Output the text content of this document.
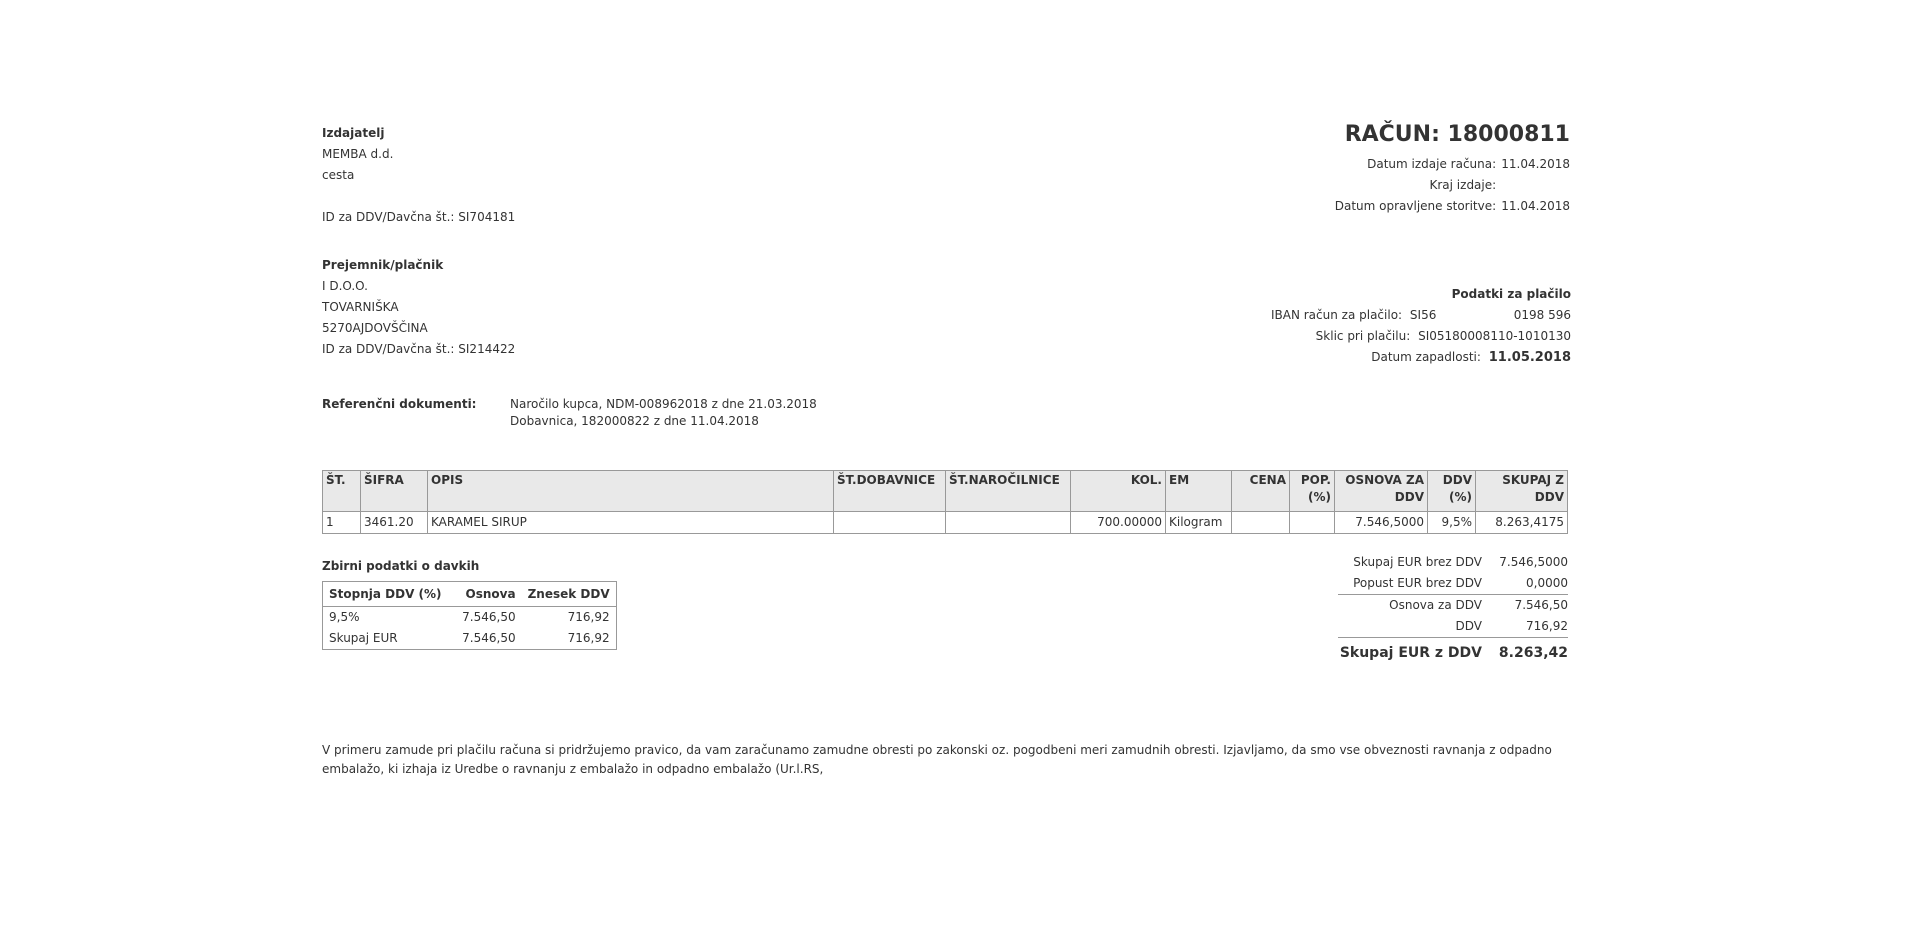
Izdajatelj
MEMBA d.d.
cesta
ID za DDV/Davčna št.: SI704181
Prejemnik/plačnik
I D.O.O.
TOVARNIŠKA
5270AJDOVŠČINA
ID za DDV/Davčna št.: SI214422
Referenčni dokumenti:	Naročilo kupca, NDM-008962018 z dne 21.03.2018
Dobavnica, 182000822 z dne 11.04.2018
RAČUN: 18000811
Datum izdaje računa: 11.04.2018
Kraj izdaje:
Datum opravljene storitve: 11.04.2018
Podatki za plačilo
IBAN račun za plačilo: SI56	0198 596
Sklic pri plačilu: SI05180008110-1010130
Datum zapadlosti: 11.05.2018
ŠT.	ŠIFRA	OPIS	ŠT.DOBAVNICE	ŠT.NAROČILNICE	KOL.	EM	CENA	POP. (%)	OSNOVA ZA DDV	DDV (%)	SKUPAJ Z DDV
1	3461.20	KARAMEL SIRUP			700.00000	Kilogram			7.546,5000	9,5%	8.263,4175
Zbirni podatki o davkih
Stopnja DDV (%)	Osnova	Znesek DDV
9,5%	7.546,50	716,92
Skupaj EUR	7.546,50	716,92
Skupaj EUR brez DDV	7.546,5000
Popust EUR brez DDV	0,0000
Osnova za DDV	7.546,50
DDV	716,92
Skupaj EUR z DDV	8.263,42
V primeru zamude pri plačilu računa si pridržujemo pravico, da vam zaračunamo zamudne obresti po zakonski oz. pogodbeni meri zamudnih obresti. Izjavljamo, da smo vse obveznosti ravnanja z odpadno embalažo, ki izhaja iz Uredbe o ravnanju z embalažo in odpadno embalažo (Ur.l.RS,
